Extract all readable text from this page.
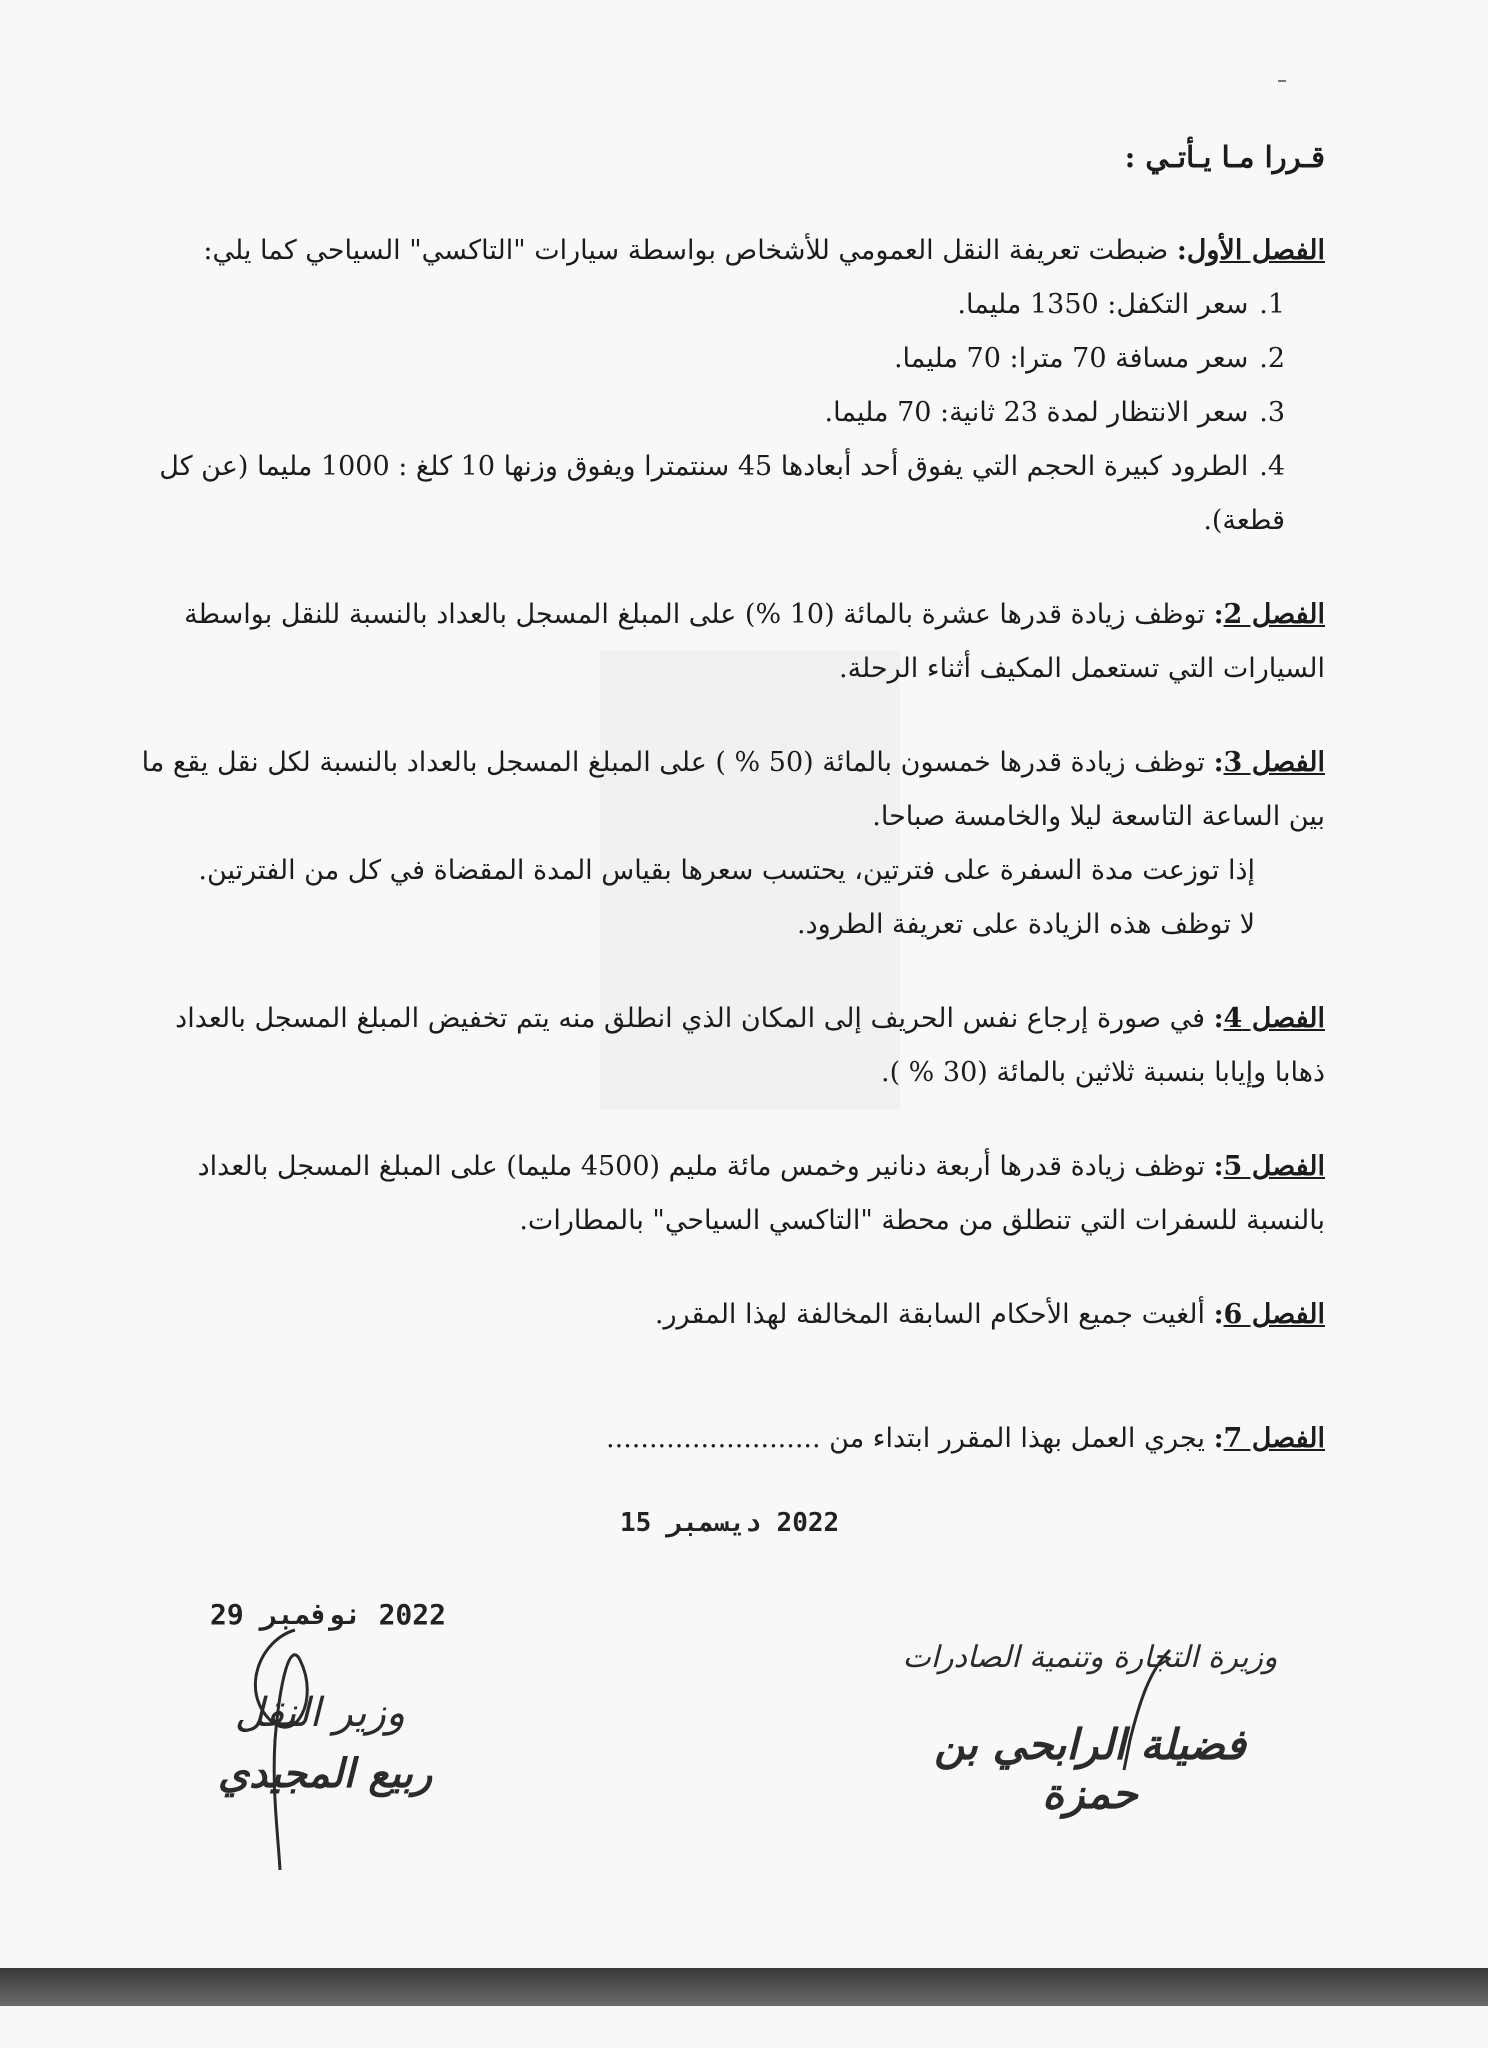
قـررا مـا يـأتـي :
الفصل الأول: ضبطت تعريفة النقل العمومي للأشخاص بواسطة سيارات "التاكسي" السياحي كما يلي:
1. سعر التكفل: 1350 مليما.
2. سعر مسافة 70 مترا: 70 مليما.
3. سعر الانتظار لمدة 23 ثانية: 70 مليما.
4. الطرود كبيرة الحجم التي يفوق أحد أبعادها 45 سنتمترا ويفوق وزنها 10 كلغ : 1000 مليما (عن كل قطعة).
الفصل 2: توظف زيادة قدرها عشرة بالمائة (10 %) على المبلغ المسجل بالعداد بالنسبة للنقل بواسطة السيارات التي تستعمل المكيف أثناء الرحلة.
الفصل 3: توظف زيادة قدرها خمسون بالمائة (50 % ) على المبلغ المسجل بالعداد بالنسبة لكل نقل يقع ما بين الساعة التاسعة ليلا والخامسة صباحا.
إذا توزعت مدة السفرة على فترتين، يحتسب سعرها بقياس المدة المقضاة في كل من الفترتين.
لا توظف هذه الزيادة على تعريفة الطرود.
الفصل 4: في صورة إرجاع نفس الحريف إلى المكان الذي انطلق منه يتم تخفيض المبلغ المسجل بالعداد ذهابا وإيابا بنسبة ثلاثين بالمائة (30 % ).
الفصل 5: توظف زيادة قدرها أربعة دنانير وخمس مائة مليم (4500 مليما) على المبلغ المسجل بالعداد بالنسبة للسفرات التي تنطلق من محطة "التاكسي السياحي" بالمطارات.
الفصل 6: ألغيت جميع الأحكام السابقة المخالفة لهذا المقرر.
الفصل 7: يجري العمل بهذا المقرر ابتداء من .........................
2022 ديسمبر 15
2022 نوفمبر 29
وزيرة التجارة وتنمية الصادرات
فضيلة الرابحي بن حمزة
وزير النقل
ربيع المجيدي
